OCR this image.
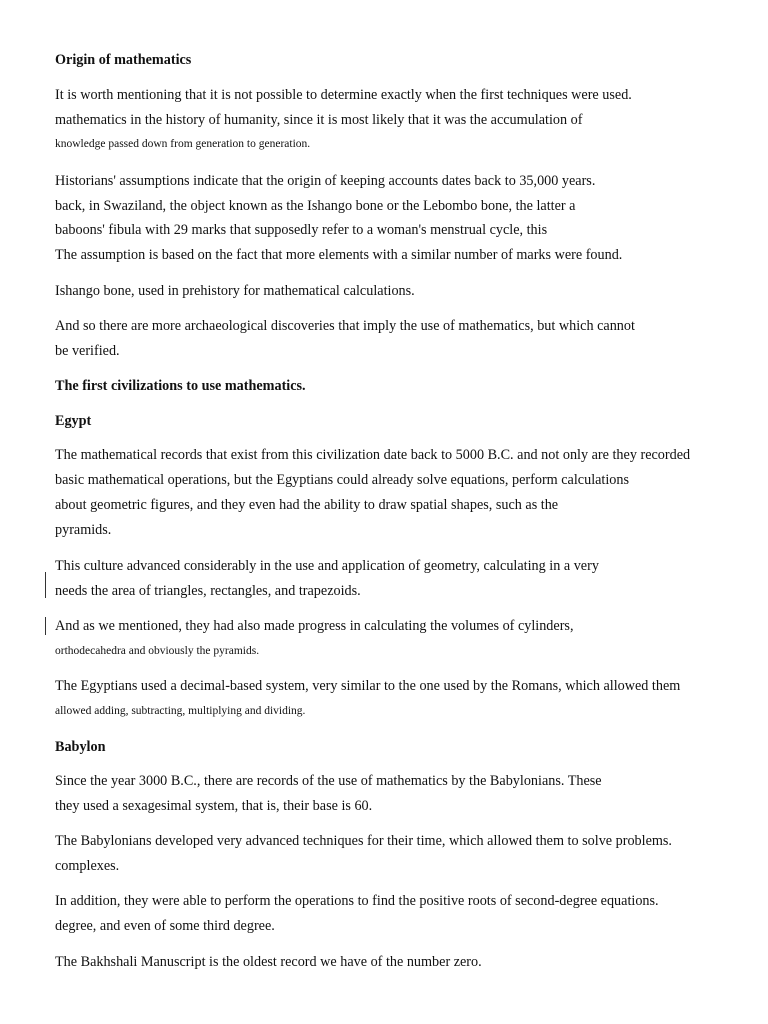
Origin of mathematics
It is worth mentioning that it is not possible to determine exactly when the first techniques were used.
mathematics in the history of humanity, since it is most likely that it was the accumulation of
knowledge passed down from generation to generation.
Historians' assumptions indicate that the origin of keeping accounts dates back to 35,000 years.
back, in Swaziland, the object known as the Ishango bone or the Lebombo bone, the latter a
baboons' fibula with 29 marks that supposedly refer to a woman's menstrual cycle, this
The assumption is based on the fact that more elements with a similar number of marks were found.
Ishango bone, used in prehistory for mathematical calculations.
And so there are more archaeological discoveries that imply the use of mathematics, but which cannot
be verified.
The first civilizations to use mathematics.
Egypt
The mathematical records that exist from this civilization date back to 5000 B.C. and not only are they recorded
basic mathematical operations, but the Egyptians could already solve equations, perform calculations
about geometric figures, and they even had the ability to draw spatial shapes, such as the
pyramids.
This culture advanced considerably in the use and application of geometry, calculating in a very
needs the area of triangles, rectangles, and trapezoids.
And as we mentioned, they had also made progress in calculating the volumes of cylinders,
orthodecahedra and obviously the pyramids.
The Egyptians used a decimal-based system, very similar to the one used by the Romans, which allowed them
allowed adding, subtracting, multiplying and dividing.
Babylon
Since the year 3000 B.C., there are records of the use of mathematics by the Babylonians. These
they used a sexagesimal system, that is, their base is 60.
The Babylonians developed very advanced techniques for their time, which allowed them to solve problems.
complexes.
In addition, they were able to perform the operations to find the positive roots of second-degree equations.
degree, and even of some third degree.
The Bakhshali Manuscript is the oldest record we have of the number zero.
